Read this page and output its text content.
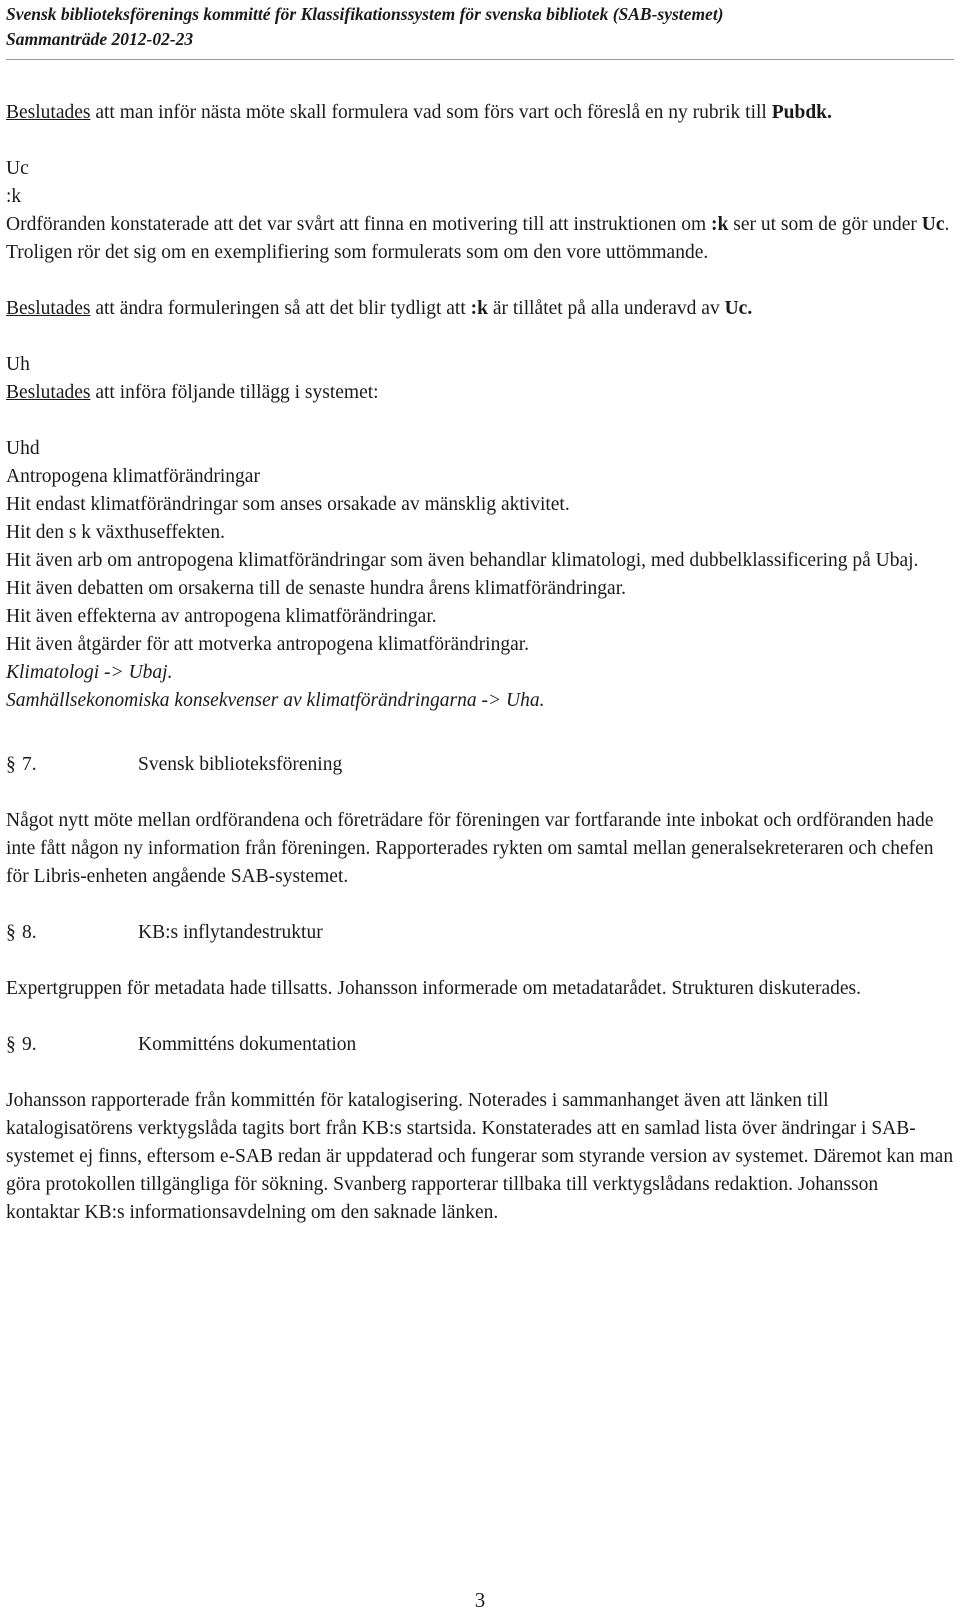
Svensk biblioteksförenings kommitté för Klassifikationssystem för svenska bibliotek (SAB-systemet)
Sammanträde 2012-02-23

Beslutades att man inför nästa möte skall formulera vad som förs vart och föreslå en ny rubrik till Pubdk.

Uc

:k

Ordföranden konstaterade att det var svårt att finna en motivering till att instruktionen om :k ser ut som de gör under Uc. Troligen rör det sig om en exemplifiering som formulerats som om den vore uttömmande.

Beslutades att ändra formuleringen så att det blir tydligt att :k är tillåtet på alla underavd av Uc.

Uh

Beslutades att införa följande tillägg i systemet:

Uhd

Antropogena klimatförändringar

Hit endast klimatförändringar som anses orsakade av mänsklig aktivitet.

Hit den s k växthuseffekten.

Hit även arb om antropogena klimatförändringar som även behandlar klimatologi, med dubbelklassificering på Ubaj.

Hit även debatten om orsakerna till de senaste hundra årens klimatförändringar.

Hit även effekterna av antropogena klimatförändringar.

Hit även åtgärder för att motverka antropogena klimatförändringar.

Klimatologi -> Ubaj.

Samhällsekonomiska konsekvenser av klimatförändringarna -> Uha.

§ 7.	Svensk biblioteksförening

Något nytt möte mellan ordförandena och företrädare för föreningen var fortfarande inte inbokat och ordföranden hade inte fått någon ny information från föreningen. Rapporterades rykten om samtal mellan generalsekreteraren och chefen för Libris-enheten angående SAB-systemet.

§ 8.	KB:s inflytandestruktur

Expertgruppen för metadata hade tillsatts. Johansson informerade om metadatarådet. Strukturen diskuterades.

§ 9.	Kommitténs dokumentation

Johansson rapporterade från kommittén för katalogisering. Noterades i sammanhanget även att länken till katalogisatörens verktygslåda tagits bort från KB:s startsida. Konstaterades att en samlad lista över ändringar i SAB-systemet ej finns, eftersom e-SAB redan är uppdaterad och fungerar som styrande version av systemet. Däremot kan man göra protokollen tillgängliga för sökning. Svanberg rapporterar tillbaka till verktygslådans redaktion. Johansson kontaktar KB:s informationsavdelning om den saknade länken.

3
